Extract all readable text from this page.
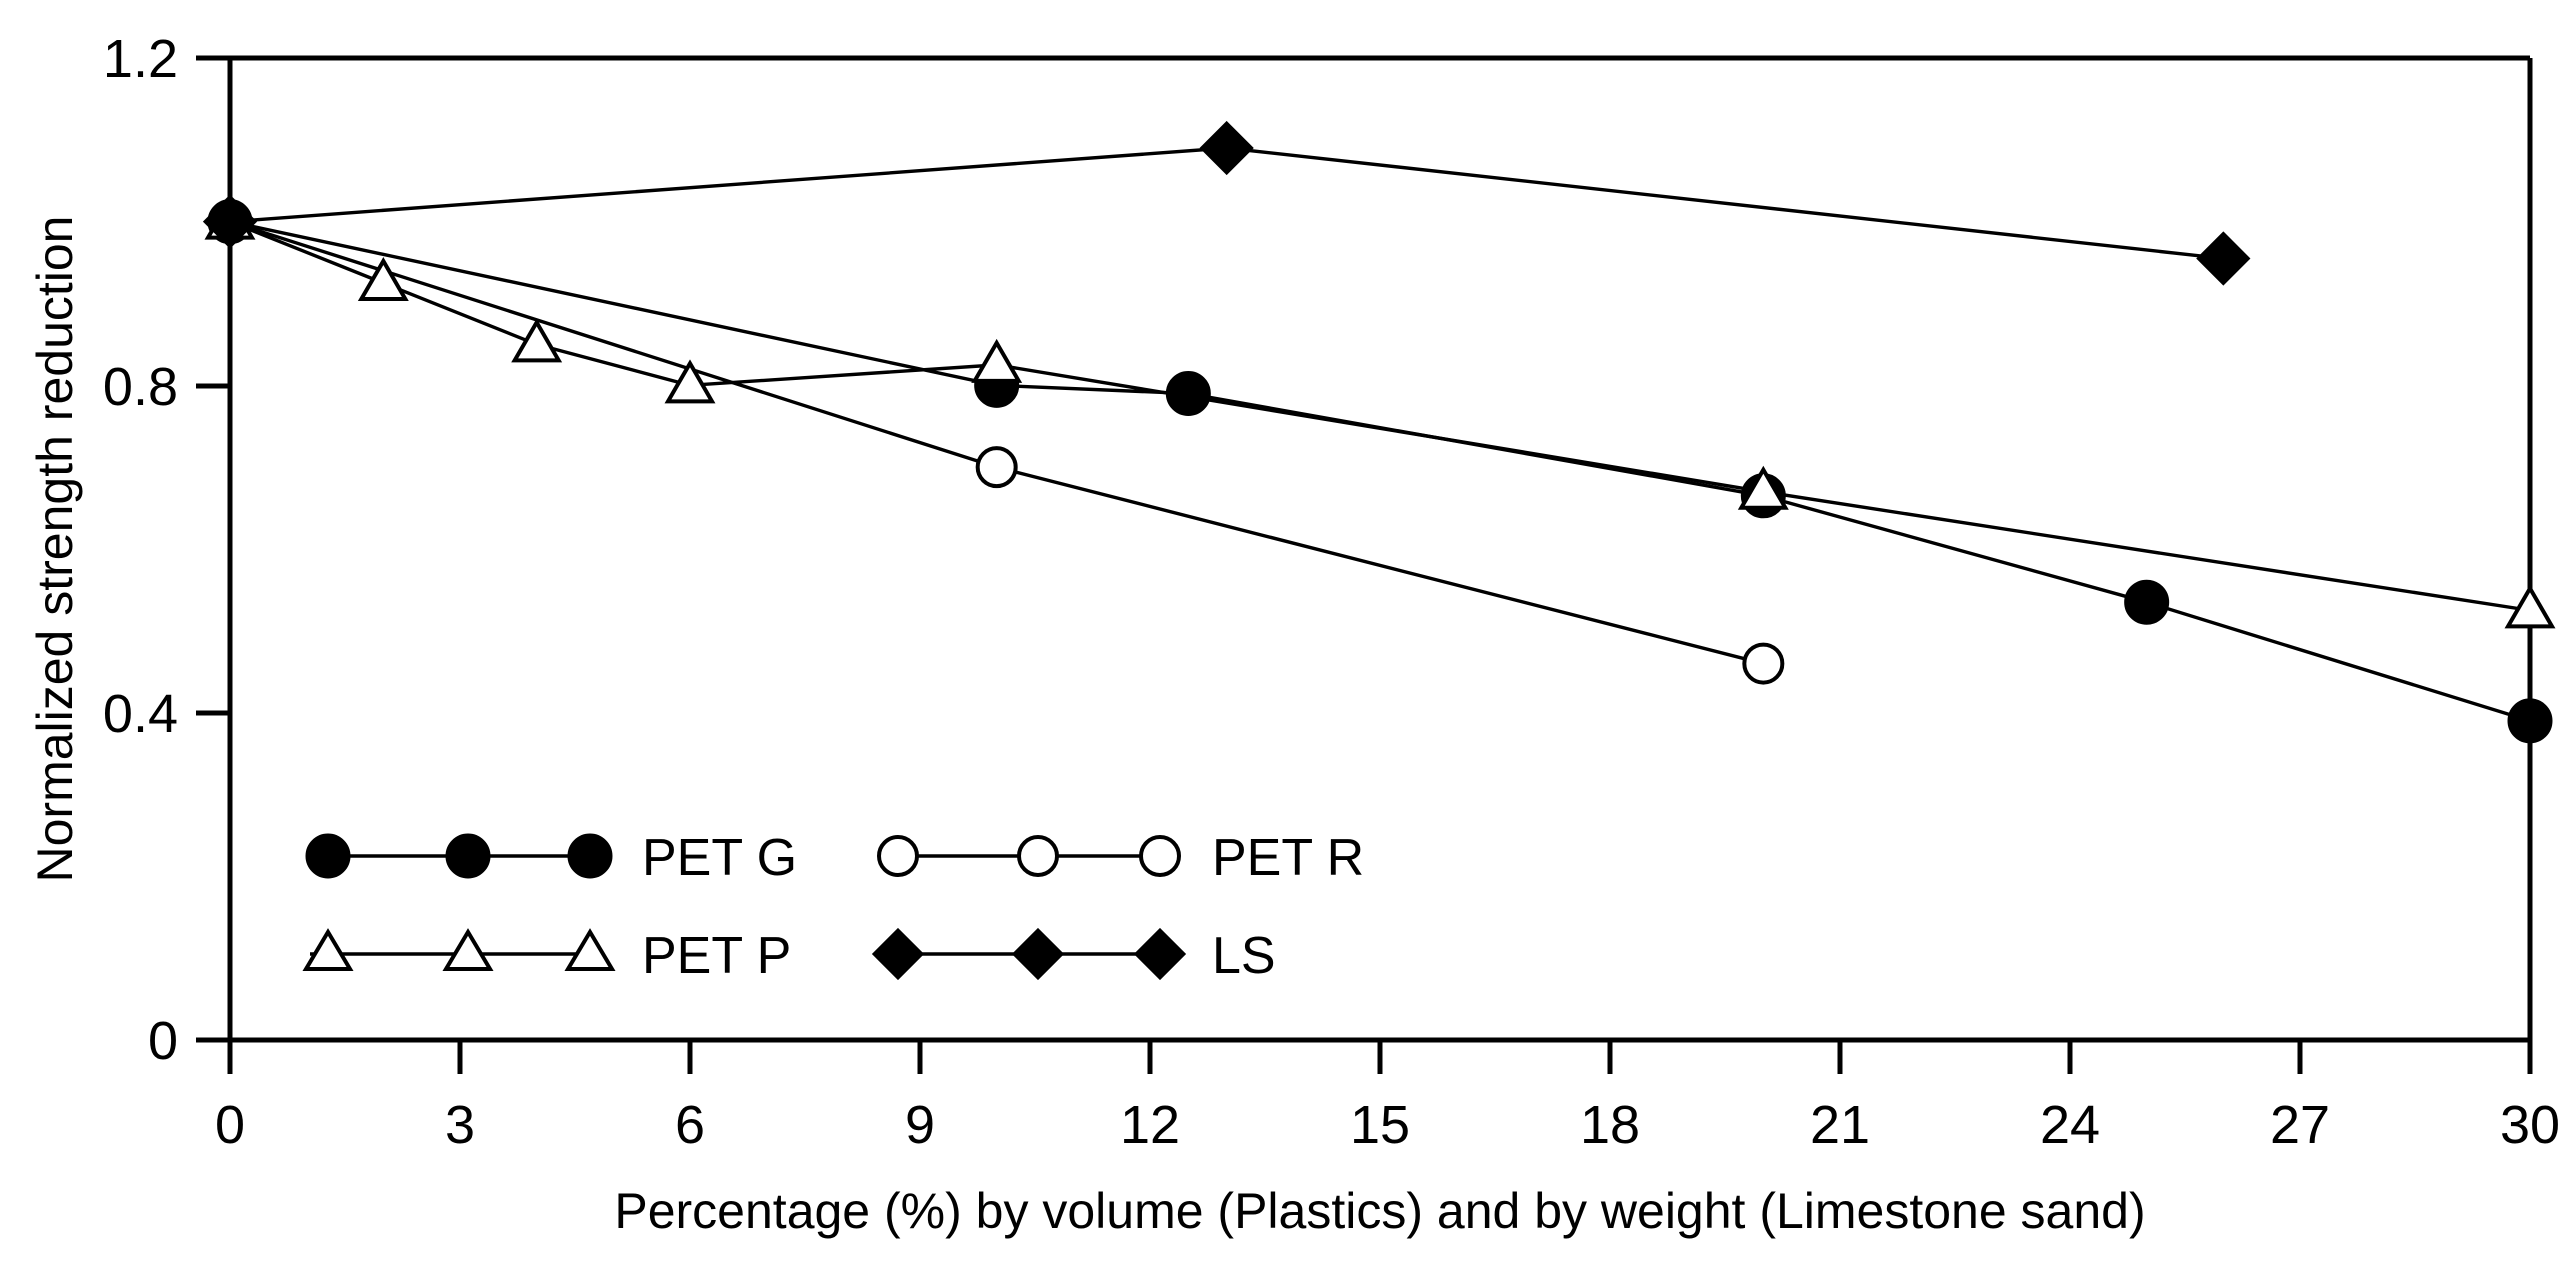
0
0.4
0.8
1.2
0	3	6	9	12	15	18	21	24	27	30
Percentage (%) by volume (Plastics) and by weight (Limestone sand)
Normalized strength reduction	PET G	PET R
PET P	LS
